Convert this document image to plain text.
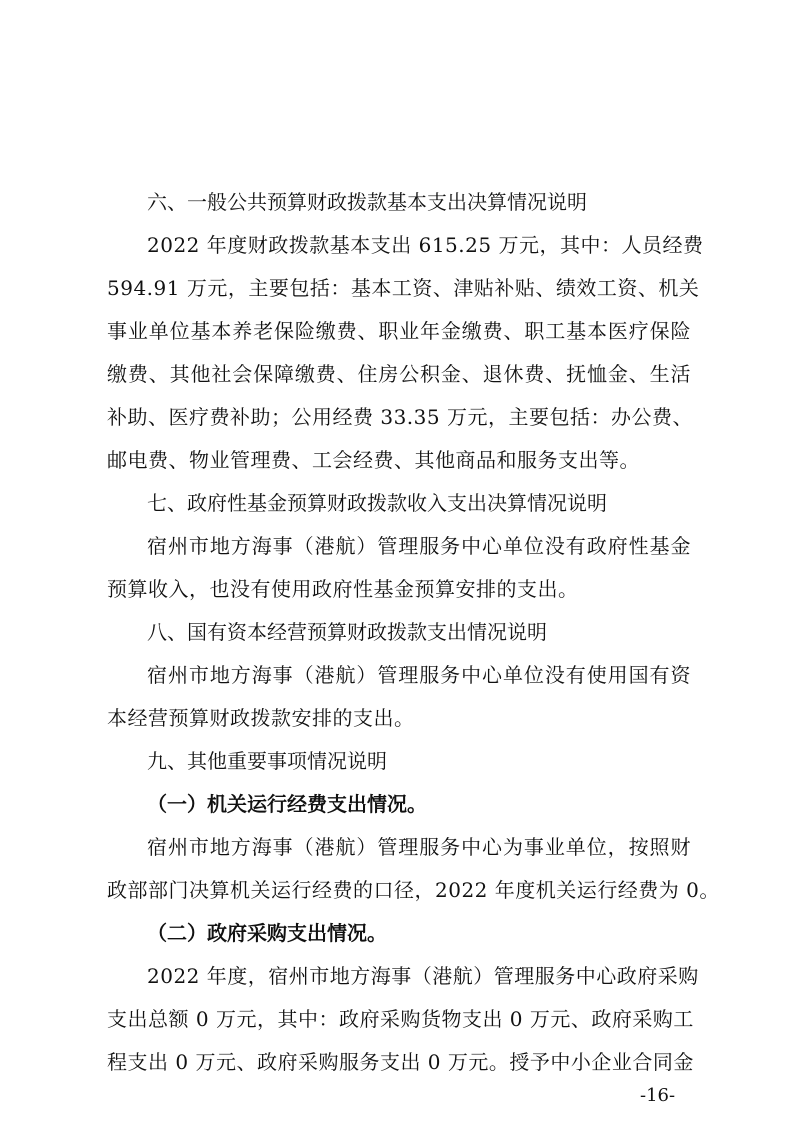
六、一般公共预算财政拨款基本支出决算情况说明
2022 年度财政拨款基本支出 615.25 万元，其中：人员经费
594.91 万元，主要包括：基本工资、津贴补贴、绩效工资、机关
事业单位基本养老保险缴费、职业年金缴费、职工基本医疗保险
缴费、其他社会保障缴费、住房公积金、退休费、抚恤金、生活
补助、医疗费补助；公用经费 33.35 万元，主要包括：办公费、
邮电费、物业管理费、工会经费、其他商品和服务支出等。
七、政府性基金预算财政拨款收入支出决算情况说明
宿州市地方海事（港航）管理服务中心单位没有政府性基金
预算收入，也没有使用政府性基金预算安排的支出。
八、国有资本经营预算财政拨款支出情况说明
宿州市地方海事（港航）管理服务中心单位没有使用国有资
本经营预算财政拨款安排的支出。
九、其他重要事项情况说明
（一）机关运行经费支出情况。
宿州市地方海事（港航）管理服务中心为事业单位，按照财
政部部门决算机关运行经费的口径，2022 年度机关运行经费为 0。
（二）政府采购支出情况。
2022 年度，宿州市地方海事（港航）管理服务中心政府采购
支出总额 0 万元，其中：政府采购货物支出 0 万元、政府采购工
程支出 0 万元、政府采购服务支出 0 万元。授予中小企业合同金
-16-
